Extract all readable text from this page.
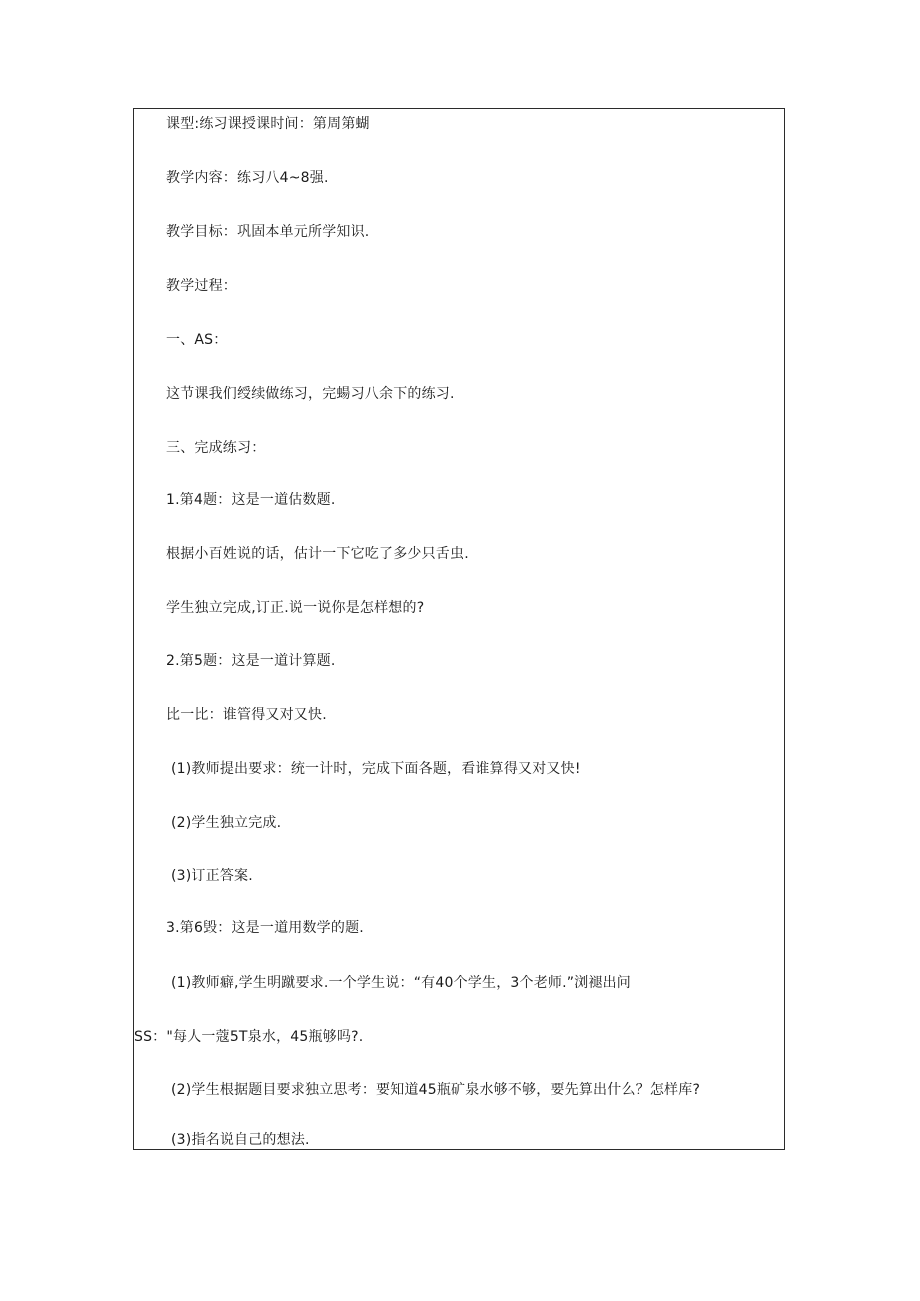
课型:练习课授课时间：第周第蝴
教学内容：练习八4~8强.
教学目标：巩固本单元所学知识.
教学过程：
一、AS：
这节课我们绶续做练习，完蝪习八余下的练习.
三、完成练习：
1.第4题：这是一道估数题.
根据小百姓说的话，估计一下它吃了多少只舌虫.
学生独立完成,订正.说一说你是怎样想的?
2.第5题：这是一道计算题.
比一比：谁管得又对又快.
(1)教师提出要求：统一计时，完成下面各题，看谁算得又对又快!
(2)学生独立完成.
(3)订正答案.
3.第6毁：这是一道用数学的题.
(1)教师癖,学生明蹴要求.一个学生说：“有40个学生，3个老师.”浏褪出问
SS："每人一蔻5T泉水，45瓶够吗?.
(2)学生根据题目要求独立思考：要知道45瓶矿泉水够不够，要先算出什么？怎样库?
(3)指名说自己的想法.
